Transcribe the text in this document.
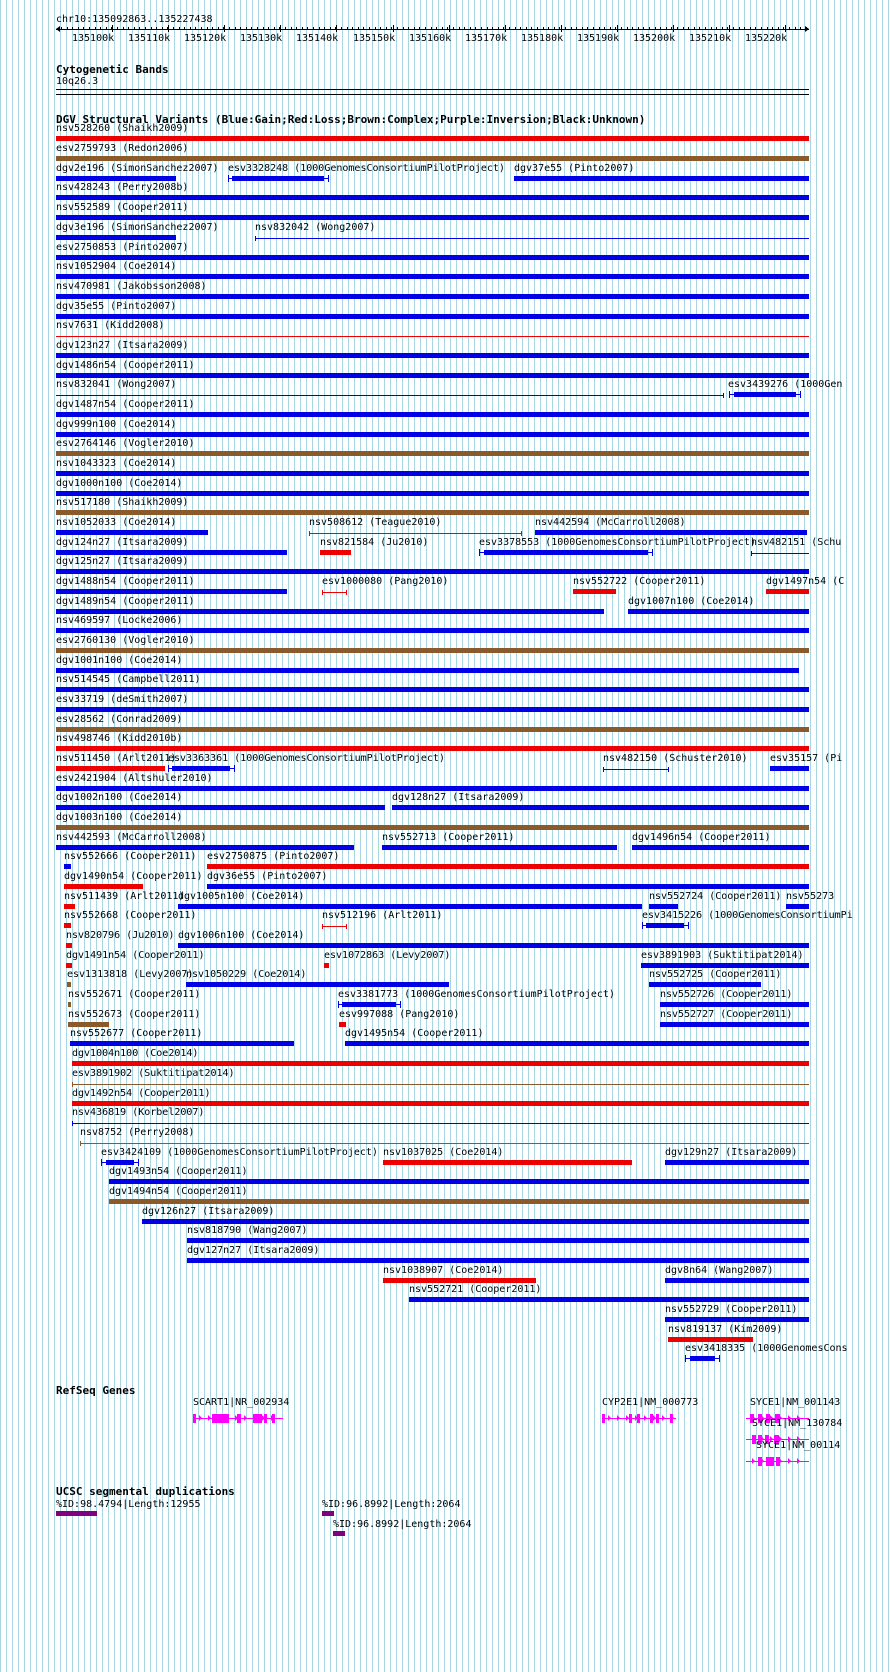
chr10:135092863..135227438
135100k 135110k 135120k 135130k 135140k 135150k 135160k 135170k 135180k 135190k 135200k 135210k 135220k
Cytogenetic Bands
10q26.3
DGV Structural Variants (Blue:Gain;Red:Loss;Brown:Complex;Purple:Inversion;Black:Unknown)
nsv528260 (Shaikh2009)
esv2759793 (Redon2006)
dgv2e196 (SimonSanchez2007) esv3328248 (1000GenomesConsortiumPilotProject) dgv37e55 (Pinto2007)
nsv428243 (Perry2008b)
nsv552589 (Cooper2011)
dgv3e196 (SimonSanchez2007)	nsv832042 (Wong2007)
esv2750853 (Pinto2007)
nsv1052904 (Coe2014)
nsv470981 (Jakobsson2008)
dgv35e55 (Pinto2007)
nsv7631 (Kidd2008)
dgv123n27 (Itsara2009)
dgv1486n54 (Cooper2011)
nsv832041 (Wong2007)	esv3439276 (1000Gen
dgv1487n54 (Cooper2011)
dgv999n100 (Coe2014)
esv2764146 (Vogler2010)
nsv1043323 (Coe2014)
dgv1000n100 (Coe2014)
nsv517180 (Shaikh2009)
nsv1052033 (Coe2014)	nsv508612 (Teague2010)	nsv442594 (McCarroll2008)
dgv124n27 (Itsara2009)	nsv821584 (Ju2010)	esv3378553 (1000GenomesConsortiumPilotProject)
nsv482151 (Schu
dgv125n27 (Itsara2009)
dgv1488n54 (Cooper2011)	esv1000080 (Pang2010)	nsv552722 (Cooper2011)	dgv1497n54 (C
dgv1489n54 (Cooper2011)	dgv1007n100 (Coe2014)
nsv469597 (Locke2006)
esv2760130 (Vogler2010)
dgv1001n100 (Coe2014)
nsv514545 (Campbell2011)
esv33719 (deSmith2007)
esv28562 (Conrad2009)
nsv498746 (Kidd2010b)
nsv511450 (Arlt2011)
esv3363361 (1000GenomesConsortiumPilotProject)	nsv482150 (Schuster2010) esv35157 (Pi
esv2421904 (Altshuler2010)
dgv1002n100 (Coe2014)	dgv128n27 (Itsara2009)
dgv1003n100 (Coe2014)
nsv442593 (McCarroll2008)	nsv552713 (Cooper2011)	dgv1496n54 (Cooper2011)
nsv552666 (Cooper2011) esv2750875 (Pinto2007)
dgv1490n54 (Cooper2011) dgv36e55 (Pinto2007)
nsv511439 (Arlt2011)
dgv1005n100 (Coe2014)	nsv552724 (Cooper2011) nsv55273
nsv552668 (Cooper2011)	nsv512196 (Arlt2011)	esv3415226 (1000GenomesConsortiumPi
nsv820796 (Ju2010) dgv1006n100 (Coe2014)
dgv1491n54 (Cooper2011)	esv1072863 (Levy2007)	esv3891903 (Suktitipat2014)
esv1313818 (Levy2007)
nsv1050229 (Coe2014)	nsv552725 (Cooper2011)
nsv552671 (Cooper2011)	esv3381773 (1000GenomesConsortiumPilotProject)	nsv552726 (Cooper2011)
nsv552673 (Cooper2011)	esv997088 (Pang2010)	nsv552727 (Cooper2011)
nsv552677 (Cooper2011)	dgv1495n54 (Cooper2011)
dgv1004n100 (Coe2014)
esv3891902 (Suktitipat2014)
dgv1492n54 (Cooper2011)
nsv436819 (Korbel2007)
nsv8752 (Perry2008)
esv3424109 (1000GenomesConsortiumPilotProject) nsv1037025 (Coe2014)	dgv129n27 (Itsara2009)
dgv1493n54 (Cooper2011)
dgv1494n54 (Cooper2011)
dgv126n27 (Itsara2009)
nsv818790 (Wang2007)
dgv127n27 (Itsara2009)
nsv1038907 (Coe2014)	dgv8n64 (Wang2007)
nsv552721 (Cooper2011)
nsv552729 (Cooper2011)
nsv819137 (Kim2009)
esv3418335 (1000GenomesCons
RefSeq Genes
SCART1|NR_002934	CYP2E1|NM_000773	SYCE1|NM_001143
SYCE1|NM_130784
SYCE1|NM_00114
UCSC segmental duplications
%ID:98.4794|Length:12955	%ID:96.8992|Length:2064
%ID:96.8992|Length:2064
